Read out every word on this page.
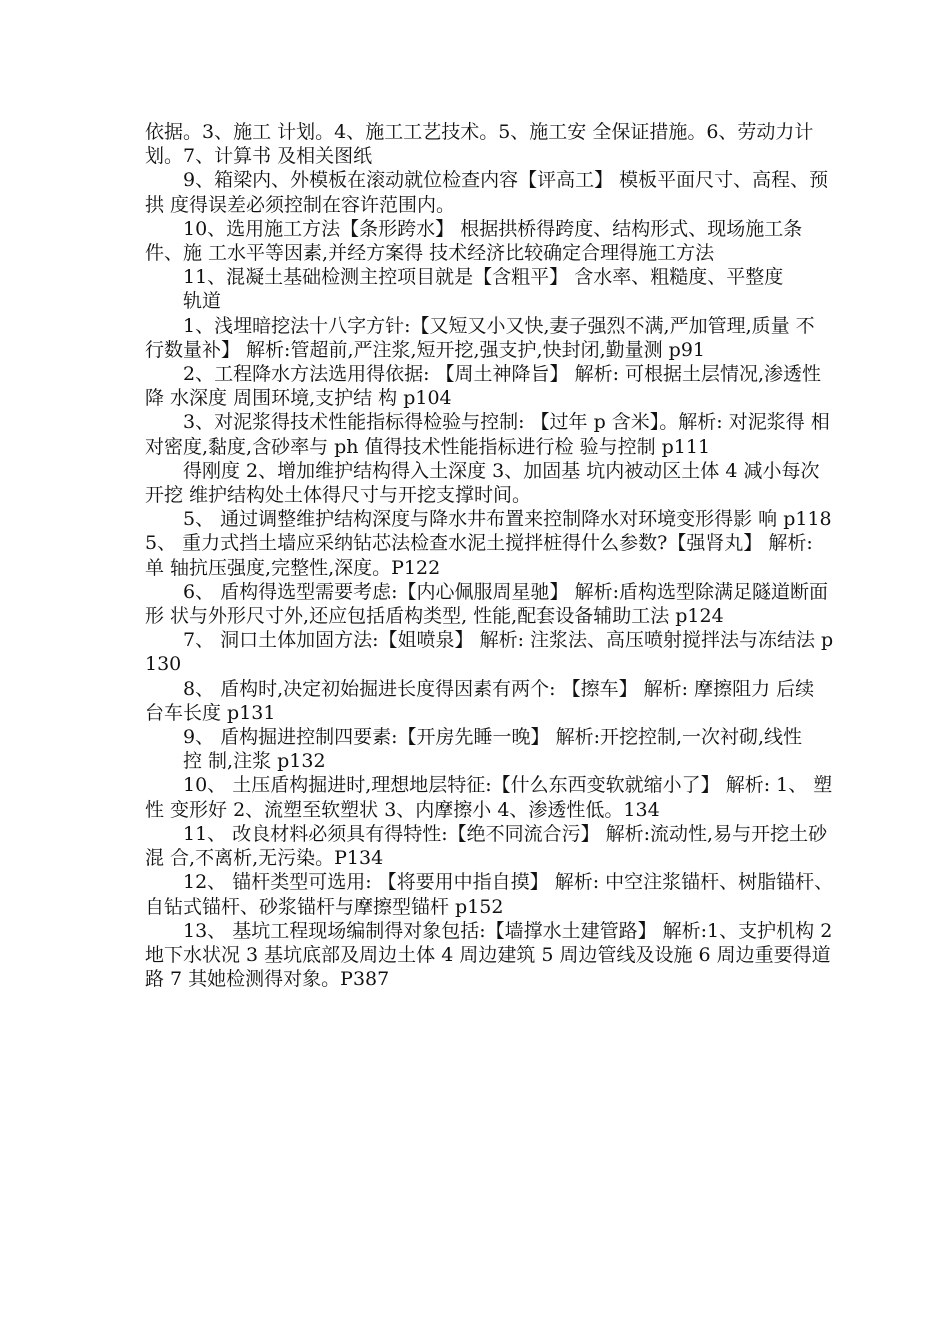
依据。3、施工 计划。4、施工工艺技术。5、施工安 全保证措施。6、劳动力计划。7、计算书 及相关图纸

9、箱梁内、外模板在滚动就位检查内容【评高工】 模板平面尺寸、高程、预拱 度得误差必须控制在容许范围内。

10、选用施工方法【条形跨水】 根据拱桥得跨度、结构形式、现场施工条件、施 工水平等因素,并经方案得 技术经济比较确定合理得施工方法

11、混凝土基础检测主控项目就是【含粗平】 含水率、粗糙度、平整度

轨道

1、浅埋暗挖法十八字方针:【又短又小又快,妻子强烈不满,严加管理,质量 不 行数量补】 解析:管超前,严注浆,短开挖,强支护,快封闭,勤量测 p91

2、工程降水方法选用得依据: 【周土神降旨】 解析: 可根据土层情况,渗透性 降 水深度 周围环境,支护结 构 p104

3、对泥浆得技术性能指标得检验与控制: 【过年 p 含米】。解析: 对泥浆得 相 对密度,黏度,含砂率与 ph 值得技术性能指标进行检 验与控制 p111

得刚度 2、增加维护结构得入土深度 3、加固基 坑内被动区土体 4 减小每次开挖 维护结构处土体得尺寸与开挖支撑时间。

5、 通过调整维护结构深度与降水井布置来控制降水对环境变形得影 响 p118 5、 重力式挡土墙应采纳钻芯法检查水泥土搅拌桩得什么参数?【强肾丸】 解析: 单 轴抗压强度,完整性,深度。P122

6、 盾构得选型需要考虑:【内心佩服周星驰】 解析:盾构选型除满足隧道断面 形 状与外形尺寸外,还应包括盾构类型, 性能,配套设备辅助工法 p124

7、 洞口土体加固方法:【姐喷泉】 解析: 注浆法、高压喷射搅拌法与冻结法 p130

8、 盾构时,决定初始掘进长度得因素有两个: 【擦车】 解析: 摩擦阻力 后续 台车长度 p131

9、 盾构掘进控制四要素:【开房先睡一晚】 解析:开挖控制,一次衬砌,线性

控 制,注浆 p132

10、 土压盾构掘进时,理想地层特征:【什么东西变软就缩小了】 解析: 1、 塑 性 变形好 2、流塑至软塑状 3、内摩擦小 4、渗透性低。134

11、 改良材料必须具有得特性:【绝不同流合污】 解析:流动性,易与开挖土砂 混 合,不离析,无污染。P134

12、 锚杆类型可选用: 【将要用中指自摸】 解析: 中空注浆锚杆、树脂锚杆、 自钻式锚杆、砂浆锚杆与摩擦型锚杆 p152

13、 基坑工程现场编制得对象包括:【墙撑水土建管路】 解析:1、支护机构 2 地下水状况 3 基坑底部及周边土体 4 周边建筑 5 周边管线及设施 6 周边重要得道路 7 其她检测得对象。P387
